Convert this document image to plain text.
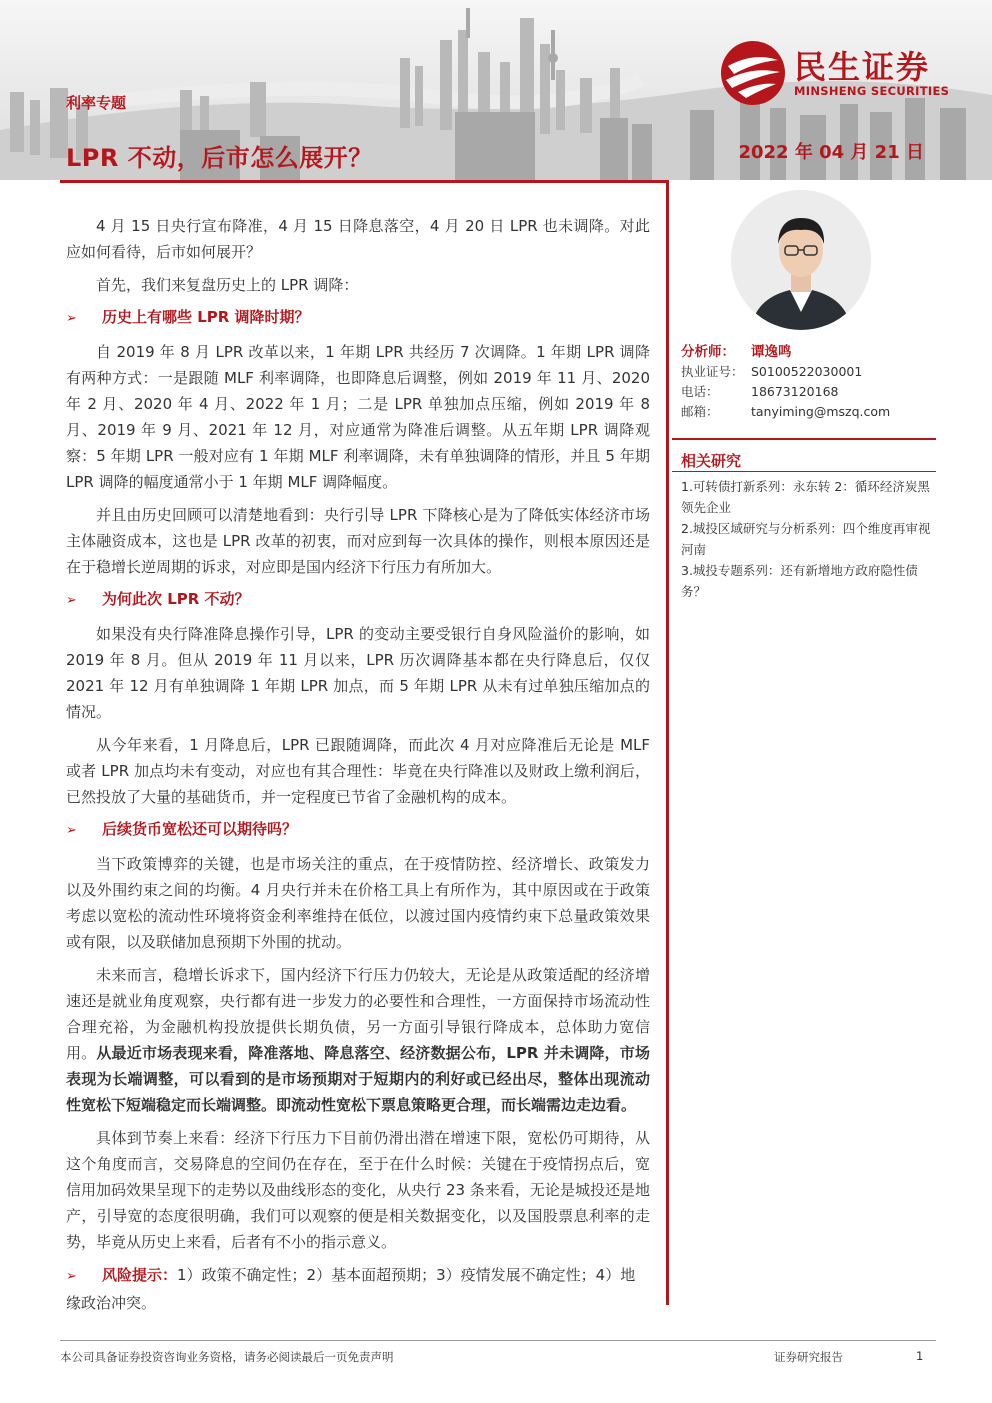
利率专题
LPR 不动，后市怎么展开？	2022 年 04 月 21 日
民生证券
MINSHENG SECURITIES

4 月 15 日央行宣布降准，4 月 15 日降息落空，4 月 20 日 LPR 也未调降。对此应如何看待，后市如何展开？

首先，我们来复盘历史上的 LPR 调降：

➢ 历史上有哪些 LPR 调降时期？

自 2019 年 8 月 LPR 改革以来，1 年期 LPR 共经历 7 次调降。1 年期 LPR 调降有两种方式：一是跟随 MLF 利率调降，也即降息后调整，例如 2019 年 11 月、2020 年 2 月、2020 年 4 月、2022 年 1 月；二是 LPR 单独加点压缩，例如 2019 年 8 月、2019 年 9 月、2021 年 12 月，对应通常为降准后调整。从五年期 LPR 调降观察：5 年期 LPR 一般对应有 1 年期 MLF 利率调降，未有单独调降的情形，并且 5 年期 LPR 调降的幅度通常小于 1 年期 MLF 调降幅度。

并且由历史回顾可以清楚地看到：央行引导 LPR 下降核心是为了降低实体经济市场主体融资成本，这也是 LPR 改革的初衷，而对应到每一次具体的操作，则根本原因还是在于稳增长逆周期的诉求，对应即是国内经济下行压力有所加大。

➢ 为何此次 LPR 不动？

如果没有央行降准降息操作引导，LPR 的变动主要受银行自身风险溢价的影响，如 2019 年 8 月。但从 2019 年 11 月以来，LPR 历次调降基本都在央行降息后，仅仅 2021 年 12 月有单独调降 1 年期 LPR 加点，而 5 年期 LPR 从未有过单独压缩加点的情况。

从今年来看，1 月降息后，LPR 已跟随调降，而此次 4 月对应降准后无论是 MLF 或者 LPR 加点均未有变动，对应也有其合理性：毕竟在央行降准以及财政上缴利润后，已然投放了大量的基础货币，并一定程度已节省了金融机构的成本。

➢ 后续货币宽松还可以期待吗？

当下政策博弈的关键，也是市场关注的重点，在于疫情防控、经济增长、政策发力以及外围约束之间的均衡。4 月央行并未在价格工具上有所作为，其中原因或在于政策考虑以宽松的流动性环境将资金利率维持在低位，以渡过国内疫情约束下总量政策效果或有限，以及联储加息预期下外围的扰动。

未来而言，稳增长诉求下，国内经济下行压力仍较大，无论是从政策适配的经济增速还是就业角度观察，央行都有进一步发力的必要性和合理性，一方面保持市场流动性合理充裕，为金融机构投放提供长期负债，另一方面引导银行降成本，总体助力宽信用。从最近市场表现来看，降准落地、降息落空、经济数据公布，LPR 并未调降，市场表现为长端调整，可以看到的是市场预期对于短期内的利好或已经出尽，整体出现流动性宽松下短端稳定而长端调整。即流动性宽松下票息策略更合理，而长端需边走边看。

具体到节奏上来看：经济下行压力下目前仍滑出潜在增速下限，宽松仍可期待，从这个角度而言，交易降息的空间仍在存在，至于在什么时候：关键在于疫情拐点后，宽信用加码效果呈现下的走势以及曲线形态的变化，从央行 23 条来看，无论是城投还是地产，引导宽的态度很明确，我们可以观察的便是相关数据变化，以及国股票息利率的走势，毕竟从历史上来看，后者有不小的指示意义。

➢ 风险提示：1）政策不确定性；2）基本面超预期；3）疫情发展不确定性；4）地缘政治冲突。
分析师： 谭逸鸣
执业证号： S0100522030001
电话：	18673120168
邮箱：	tanyiming@mszq.com
相关研究
1.可转债打新系列：永东转 2：循环经济炭黑领先企业
2.城投区域研究与分析系列：四个维度再审视河南
3.城投专题系列：还有新增地方政府隐性债务？
本公司具备证券投资咨询业务资格，请务必阅读最后一页免责声明	证券研究报告	1
